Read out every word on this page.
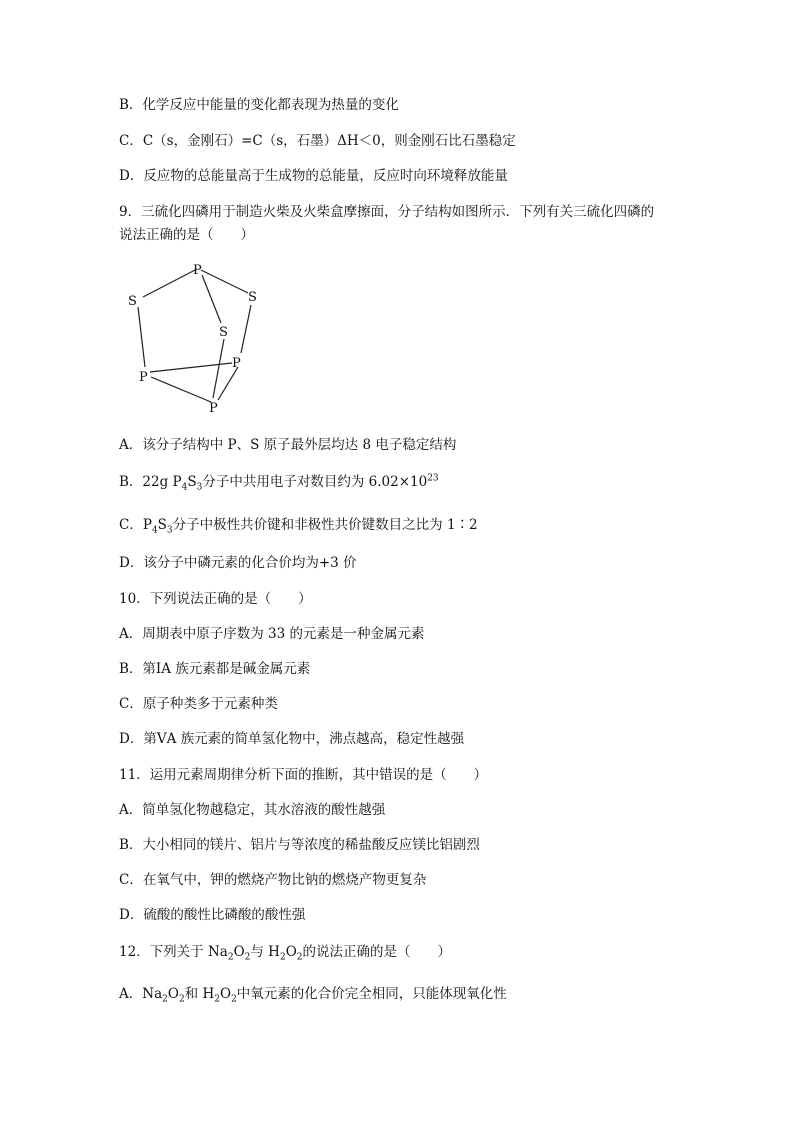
B．化学反应中能量的变化都表现为热量的变化
C．C（s，金刚石）=C（s，石墨）ΔH＜0，则金刚石比石墨稳定
D．反应物的总能量高于生成物的总能量，反应时向环境释放能量
9．三硫化四磷用于制造火柴及火柴盒摩擦面，分子结构如图所示．下列有关三硫化四磷的
说法正确的是（　　）
P
S	S
S
P
P
P
A．该分子结构中 P、S 原子最外层均达 8 电子稳定结构
B．22g $P_4S_3$分子中共用电子对数目约为 $6.02\times 10^{23}$
C．$P_4S_3$分子中极性共价键和非极性共价键数目之比为 1∶2
D．该分子中磷元素的化合价均为+3 价
10．下列说法正确的是（　　）
A．周期表中原子序数为 33 的元素是一种金属元素
B．第ⅠA 族元素都是碱金属元素
C．原子种类多于元素种类
D．第ⅤA 族元素的简单氢化物中，沸点越高，稳定性越强
11．运用元素周期律分析下面的推断，其中错误的是（　　）
A．简单氢化物越稳定，其水溶液的酸性越强
B．大小相同的镁片、铝片与等浓度的稀盐酸反应镁比铝剧烈
C．在氧气中，钾的燃烧产物比钠的燃烧产物更复杂
D．硫酸的酸性比磷酸的酸性强
12．下列关于 $Na_2O_2$与 $H_2O_2$的说法正确的是（　　）
A．$Na_2O_2$和 $H_2O_2$中氧元素的化合价完全相同，只能体现氧化性
